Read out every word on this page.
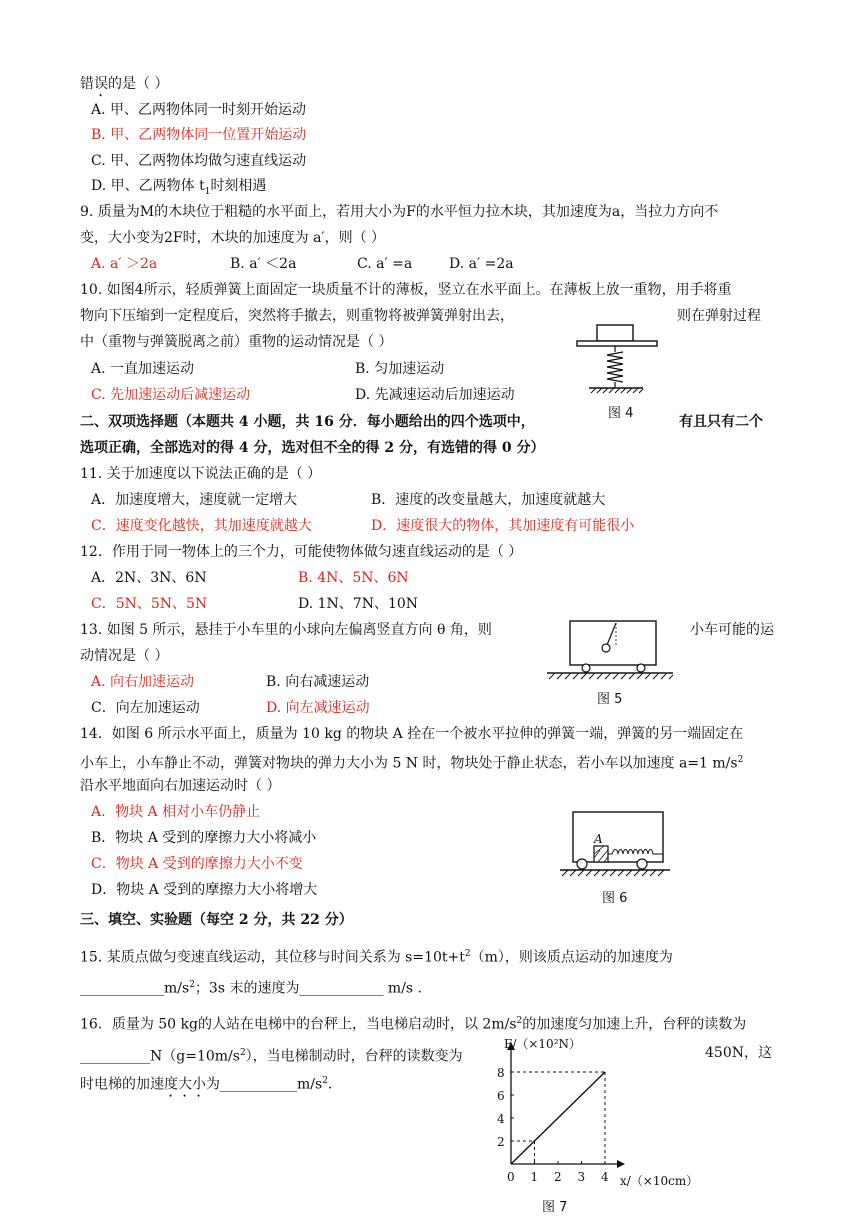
错误的是（ ）
A. 甲、乙两物体同一时刻开始运动
B. 甲、乙两物体同一位置开始运动
C. 甲、乙两物体均做匀速直线运动
D. 甲、乙两物体 $t_1$时刻相遇
9. 质量为M的木块位于粗糙的水平面上，若用大小为F的水平恒力拉木块，其加速度为a，当拉力方向不
变，大小变为2F时，木块的加速度为 a′，则（ ）
A. a′ ＞2a	B. a′ ＜2a	C. a′ =a	D. a′ =2a
10. 如图4所示，轻质弹簧上面固定一块质量不计的薄板，竖立在水平面上。在薄板上放一重物，用手将重
物向下压缩到一定程度后，突然将手撤去，则重物将被弹簧弹射出去，	则在弹射过程
中（重物与弹簧脱离之前）重物的运动情况是（ ）
A. 一直加速运动	B. 匀加速运动
C. 先加速运动后减速运动	D. 先减速运动后加速运动
图 4
二、双项选择题（本题共 4 小题，共 16 分．每小题给出的四个选项中，	有且只有二个
选项正确，全部选对的得 4 分，选对但不全的得 2 分，有选错的得 0 分）
11. 关于加速度以下说法正确的是（ ）
A．加速度增大，速度就一定增大	B．速度的改变量越大，加速度就越大
C．速度变化越快，其加速度就越大	D．速度很大的物体，其加速度有可能很小
12．作用于同一物体上的三个力，可能使物体做匀速直线运动的是（ ）
A．2N、3N、6N	B. 4N、5N、6N
C．5N、5N、5N	D. 1N、7N、10N
13. 如图 5 所示，悬挂于小车里的小球向左偏离竖直方向 θ 角，则	小车可能的运
动情况是（ ）
A. 向右加速运动	B. 向右减速运动
C．向左加速运动	D. 向左减速运动
图 5
14．如图 6 所示水平面上，质量为 10 kg 的物块 A 拴在一个被水平拉伸的弹簧一端，弹簧的另一端固定在
小车上，小车静止不动，弹簧对物块的弹力大小为 5 N 时，物块处于静止状态，若小车以加速度 a=1 $m/s^2$
沿水平地面向右加速运动时（ ）
A．物块 A 相对小车仍静止
B．物块 A 受到的摩擦力大小将减小
C．物块 A 受到的摩擦力大小不变
D．物块 A 受到的摩擦力大小将增大
A
图 6
三、填空、实验题（每空 2 分，共 22 分）
15. 某质点做匀变速直线运动，其位移与时间关系为 $s=10t+t^2(m)$，则该质点运动的加速度为
$\_\_\_\_\_\_\_\_\_\_\_\_m/s^2$；3s 末的速度为____________ m/s .
16．质量为 50 kg的人站在电梯中的台秤上，当电梯启动时，以 $2m/s^2$的加速度匀加速上升，台秤的读数为
$\_\_\_\_\_\_\_\_\_\_N(g=10m/s^2)$，当电梯制动时，台秤的读数变为	450N，这
时电梯的加速度大小为$\_\_\_\_\_\_\_\_\_\_\_m/s^2$.
0 1 2 3 4
2
4
6
8
F/（×10²N）
x/（×10cm）
图 7
